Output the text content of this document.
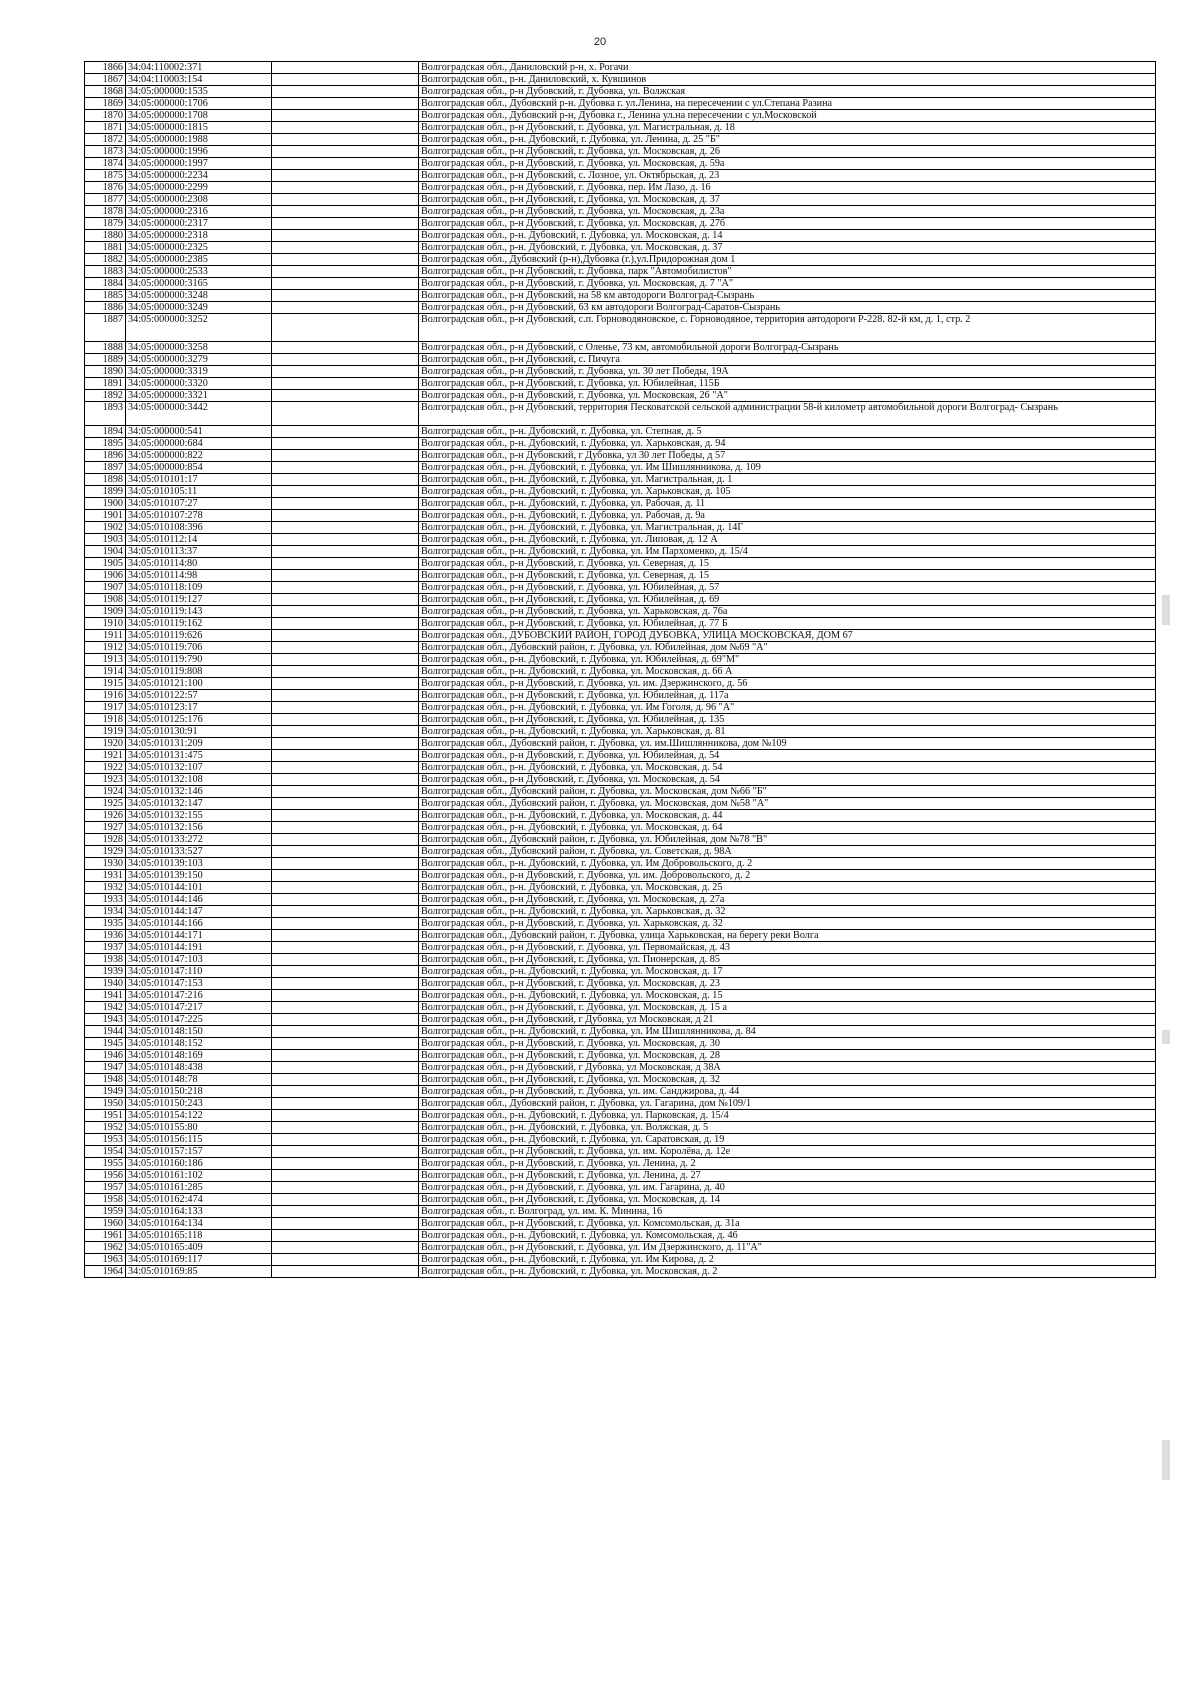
20
1866	34:04:110002:371		Волгоградская обл., Даниловский р-н, х. Рогачи
1867	34:04:110003:154		Волгоградская обл., р-н. Даниловский, х. Кувшинов
1868	34:05:000000:1535		Волгоградская обл., р-н Дубовский, г. Дубовка, ул. Волжская
1869	34:05:000000:1706		Волгоградская обл., Дубовский р-н. Дубовка г. ул.Ленина, на пересечении с ул.Степана Разина
1870	34:05:000000:1708		Волгоградская обл., Дубовский р-н, Дубовка г., Ленина ул.на пересечении с ул.Московской
1871	34:05:000000:1815		Волгоградская обл., р-н Дубовский, г. Дубовка, ул. Магистральная, д. 18
1872	34:05:000000:1988		Волгоградская обл., р-н. Дубовский, г. Дубовка, ул. Ленина, д. 25 "Б"
1873	34:05:000000:1996		Волгоградская обл., р-н Дубовский, г. Дубовка, ул. Московская, д. 26
1874	34:05:000000:1997		Волгоградская обл., р-н Дубовский, г. Дубовка, ул. Московская, д. 59а
1875	34:05:000000:2234		Волгоградская обл., р-н Дубовский, с. Лозное, ул. Октябрьская, д. 23
1876	34:05:000000:2299		Волгоградская обл., р-н Дубовский, г. Дубовка, пер. Им Лазо, д. 16
1877	34:05:000000:2308		Волгоградская обл., р-н Дубовский, г. Дубовка, ул. Московская, д. 37
1878	34:05:000000:2316		Волгоградская обл., р-н Дубовский, г. Дубовка, ул. Московская, д. 23а
1879	34:05:000000:2317		Волгоградская обл., р-н Дубовский, г. Дубовка, ул. Московская, д. 27б
1880	34:05:000000:2318		Волгоградская обл., р-н. Дубовский, г. Дубовка, ул. Московская, д. 14
1881	34:05:000000:2325		Волгоградская обл., р-н. Дубовский, г. Дубовка, ул. Московская, д. 37
1882	34:05:000000:2385		Волгоградская обл., Дубовский (р-н),Дубовка (г.),ул.Придорожная дом 1
1883	34:05:000000:2533		Волгоградская обл., р-н Дубовский, г. Дубовка, парк "Автомобилистов"
1884	34:05:000000:3165		Волгоградская обл., р-н Дубовский, г. Дубовка, ул. Московская, д. 7 "А"
1885	34:05:000000:3248		Волгоградская обл., р-н Дубовский, на 58 км автодороги Волгоград-Сызрань
1886	34:05:000000:3249		Волгоградская обл., р-н Дубовский, 63 км автодороги Волгоград-Саратов-Сызрань
1887	34:05:000000:3252		Волгоградская обл., р-н Дубовский, с.п. Горноводяновское, с. Горноводяное, территория автодороги Р-228. 82-й км, д. 1, стр. 2
1888	34:05:000000:3258		Волгоградская обл., р-н Дубовский, с Оленье, 73 км, автомобильной дороги Волгоград-Сызрань
1889	34:05:000000:3279		Волгоградская обл., р-н Дубовский, с. Пичуга
1890	34:05:000000:3319		Волгоградская обл., р-н Дубовский, г. Дубовка, ул. 30 лет Победы, 19А
1891	34:05:000000:3320		Волгоградская обл., р-н Дубовский, г. Дубовка, ул. Юбилейная, 115Б
1892	34:05:000000:3321		Волгоградская обл., р-н Дубовский, г. Дубовка, ул. Московская, 26 "А"
1893	34:05:000000:3442		Волгоградская обл., р-н Дубовский, территория Песковатской сельской администрации 58-й километр автомобильной дороги Волгоград- Сызрань
1894	34:05:000000:541		Волгоградская обл., р-н. Дубовский, г. Дубовка, ул. Степная, д. 5
1895	34:05:000000:684		Волгоградская обл., р-н. Дубовский, г. Дубовка, ул. Харьковская, д. 94
1896	34:05:000000:822		Волгоградская обл., р-н Дубовский, г Дубовка, ул 30 лет Победы, д 57
1897	34:05:000000:854		Волгоградская обл., р-н. Дубовский, г. Дубовка, ул. Им Шишлянникова, д. 109
1898	34:05:010101:17		Волгоградская обл., р-н. Дубовский, г. Дубовка, ул. Магистральная, д. 1
1899	34:05:010105:11		Волгоградская обл., р-н. Дубовский, г. Дубовка, ул. Харьковская, д. 105
1900	34:05:010107:27		Волгоградская обл., р-н. Дубовский, г. Дубовка, ул. Рабочая, д. 11
1901	34:05:010107:278		Волгоградская обл., р-н. Дубовский, г. Дубовка, ул. Рабочая, д. 9а
1902	34:05:010108:396		Волгоградская обл., р-н. Дубовский, г. Дубовка, ул. Магистральная, д. 14Г
1903	34:05:010112:14		Волгоградская обл., р-н. Дубовский, г. Дубовка, ул. Липовая, д. 12 А
1904	34:05:010113:37		Волгоградская обл., р-н. Дубовский, г. Дубовка, ул. Им Пархоменко, д. 15/4
1905	34:05:010114:80		Волгоградская обл., р-н Дубовский, г. Дубовка, ул. Северная, д. 15
1906	34:05:010114:98		Волгоградская обл., р-н Дубовский, г. Дубовка, ул. Северная, д. 15
1907	34:05:010118:109		Волгоградская обл., р-н Дубовский, г. Дубовка, ул. Юбилейная, д. 57
1908	34:05:010119:127		Волгоградская обл., р-н Дубовский, г. Дубовка, ул. Юбилейная, д. 69
1909	34:05:010119:143		Волгоградская обл., р-н Дубовский, г. Дубовка, ул. Харьковская, д. 76а
1910	34:05:010119:162		Волгоградская обл., р-н Дубовский, г. Дубовка, ул. Юбилейная, д. 77 Б
1911	34:05:010119:626		Волгоградская обл., ДУБОВСКИЙ РАЙОН, ГОРОД ДУБОВКА, УЛИЦА МОСКОВСКАЯ, ДОМ 67
1912	34:05:010119:706		Волгоградская обл., Дубовский район, г. Дубовка, ул. Юбилейная, дом №69 "А"
1913	34:05:010119:790		Волгоградская обл., р-н. Дубовский, г. Дубовка, ул. Юбилейная, д. 69"М"
1914	34:05:010119:808		Волгоградская обл., р-н. Дубовский, г. Дубовка, ул. Московская, д. 66 А
1915	34:05:010121:100		Волгоградская обл., р-н Дубовский, г. Дубовка, ул. им. Дзержинского, д. 56
1916	34:05:010122:57		Волгоградская обл., р-н Дубовский, г. Дубовка, ул. Юбилейная, д. 117а
1917	34:05:010123:17		Волгоградская обл., р-н. Дубовский, г. Дубовка, ул. Им Гоголя, д. 96 "А"
1918	34:05:010125:176		Волгоградская обл., р-н Дубовский, г. Дубовка, ул. Юбилейная, д. 135
1919	34:05:010130:91		Волгоградская обл., р-н. Дубовский, г. Дубовка, ул. Харьковская, д. 81
1920	34:05:010131:209		Волгоградская обл., Дубовский район, г. Дубовка, ул. им.Шишлянникова, дом №109
1921	34:05:010131:475		Волгоградская обл., р-н Дубовский, г. Дубовка, ул. Юбилейная, д. 54
1922	34:05:010132:107		Волгоградская обл., р-н. Дубовский, г. Дубовка, ул. Московская, д. 54
1923	34:05:010132:108		Волгоградская обл., р-н Дубовский, г. Дубовка, ул. Московская, д. 54
1924	34:05:010132:146		Волгоградская обл., Дубовский район, г. Дубовка, ул. Московская, дом №66 "Б"
1925	34:05:010132:147		Волгоградская обл., Дубовский район, г. Дубовка, ул. Московская, дом №58 "А"
1926	34:05:010132:155		Волгоградская обл., р-н. Дубовский, г. Дубовка, ул. Московская, д. 44
1927	34:05:010132:156		Волгоградская обл., р-н. Дубовский, г. Дубовка, ул. Московская, д. 64
1928	34:05:010133:272		Волгоградская обл., Дубовский район, г. Дубовка, ул. Юбилейная, дом №78 "В"
1929	34:05:010133:527		Волгоградская обл., Дубовский район, г. Дубовка, ул. Советская, д. 98А
1930	34:05:010139:103		Волгоградская обл., р-н. Дубовский, г. Дубовка, ул. Им Добровольского, д. 2
1931	34:05:010139:150		Волгоградская обл., р-н Дубовский, г. Дубовка, ул. им. Добровольского, д. 2
1932	34:05:010144:101		Волгоградская обл., р-н. Дубовский, г. Дубовка, ул. Московская, д. 25
1933	34:05:010144:146		Волгоградская обл., р-н Дубовский, г. Дубовка, ул. Московская, д. 27а
1934	34:05:010144:147		Волгоградская обл., р-н. Дубовский, г. Дубовка, ул. Харьковская, д. 32
1935	34:05:010144:166		Волгоградская обл., р-н Дубовский, г. Дубовка, ул. Харьковская, д. 32
1936	34:05:010144:171		Волгоградская обл., Дубовский район, г. Дубовка, улица Харьковская, на берегу реки Волга
1937	34:05:010144:191		Волгоградская обл., р-н Дубовский, г. Дубовка, ул. Первомайская, д. 43
1938	34:05:010147:103		Волгоградская обл., р-н Дубовский, г. Дубовка, ул. Пионерская, д. 85
1939	34:05:010147:110		Волгоградская обл., р-н. Дубовский, г. Дубовка, ул. Московская, д. 17
1940	34:05:010147:153		Волгоградская обл., р-н Дубовский, г. Дубовка, ул. Московская, д. 23
1941	34:05:010147:216		Волгоградская обл., р-н. Дубовский, г. Дубовка, ул. Московская, д. 15
1942	34:05:010147:217		Волгоградская обл., р-н Дубовский, г. Дубовка, ул. Московская, д. 15 а
1943	34:05:010147:225		Волгоградская обл., р-н Дубовский, г Дубовка, ул Московская, д 21
1944	34:05:010148:150		Волгоградская обл., р-н. Дубовский, г. Дубовка, ул. Им Шишлянникова, д. 84
1945	34:05:010148:152		Волгоградская обл., р-н Дубовский, г. Дубовка, ул. Московская, д. 30
1946	34:05:010148:169		Волгоградская обл., р-н Дубовский, г. Дубовка, ул. Московская, д. 28
1947	34:05:010148:438		Волгоградская обл., р-н Дубовский, г Дубовка, ул Московская, д 38А
1948	34:05:010148:78		Волгоградская обл., р-н Дубовский, г. Дубовка, ул. Московская, д. 32
1949	34:05:010150:218		Волгоградская обл., р-н Дубовский, г. Дубовка, ул. им. Санджирова, д. 44
1950	34:05:010150:243		Волгоградская обл., Дубовский район, г. Дубовка, ул. Гагарина, дом №109/1
1951	34:05:010154:122		Волгоградская обл., р-н. Дубовский, г. Дубовка, ул. Парковская, д. 15/4
1952	34:05:010155:80		Волгоградская обл., р-н. Дубовский, г. Дубовка, ул. Волжская, д. 5
1953	34:05:010156:115		Волгоградская обл., р-н. Дубовский, г. Дубовка, ул. Саратовская, д. 19
1954	34:05:010157:157		Волгоградская обл., р-н Дубовский, г. Дубовка, ул. им. Королёва, д. 12е
1955	34:05:010160:186		Волгоградская обл., р-н Дубовский, г. Дубовка, ул. Ленина, д. 2
1956	34:05:010161:102		Волгоградская обл., р-н Дубовский, г. Дубовка, ул. Ленина, д. 27
1957	34:05:010161:285		Волгоградская обл., р-н Дубовский, г. Дубовка, ул. им. Гагарина, д. 40
1958	34:05:010162:474		Волгоградская обл., р-н Дубовский, г. Дубовка, ул. Московская, д. 14
1959	34:05:010164:133		Волгоградская обл., г. Волгоград, ул. им. К. Минина, 16
1960	34:05:010164:134		Волгоградская обл., р-н Дубовский, г. Дубовка, ул. Комсомольская, д. 31а
1961	34:05:010165:118		Волгоградская обл., р-н. Дубовский, г. Дубовка, ул. Комсомольская, д. 46
1962	34:05:010165:409		Волгоградская обл., р-н Дубовский, г. Дубовка, ул. Им Дзержинского, д. 11"А"
1963	34:05:010169:117		Волгоградская обл., р-н. Дубовский, г. Дубовка, ул. Им Кирова, д. 2
1964	34:05:010169:85		Волгоградская обл., р-н. Дубовский, г. Дубовка, ул. Московская, д. 2
